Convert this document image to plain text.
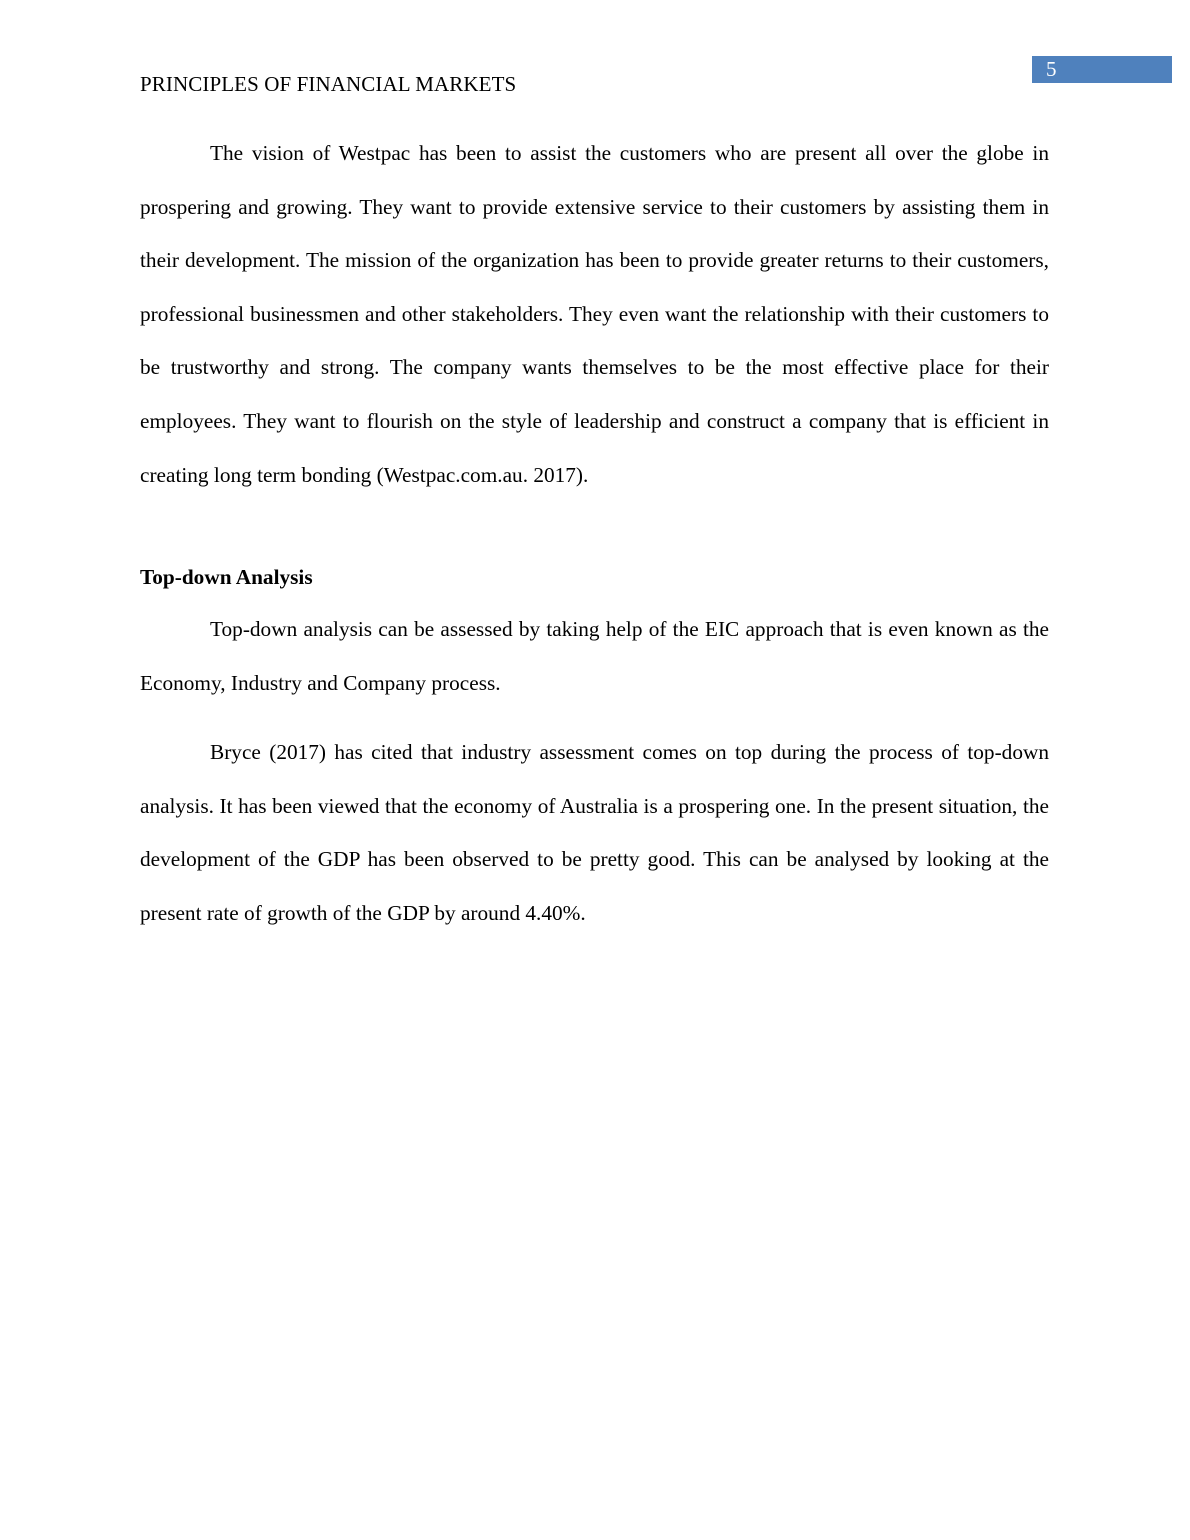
5
PRINCIPLES OF FINANCIAL MARKETS

The vision of Westpac has been to assist the customers who are present all over the globe in prospering and growing. They want to provide extensive service to their customers by assisting them in their development. The mission of the organization has been to provide greater returns to their customers, professional businessmen and other stakeholders. They even want the relationship with their customers to be trustworthy and strong. The company wants themselves to be the most effective place for their employees. They want to flourish on the style of leadership and construct a company that is efficient in creating long term bonding (Westpac.com.au. 2017).

Top-down Analysis

Top-down analysis can be assessed by taking help of the EIC approach that is even known as the Economy, Industry and Company process.

Bryce (2017) has cited that industry assessment comes on top during the process of top-down analysis. It has been viewed that the economy of Australia is a prospering one. In the present situation, the development of the GDP has been observed to be pretty good. This can be analysed by looking at the present rate of growth of the GDP by around 4.40%.
